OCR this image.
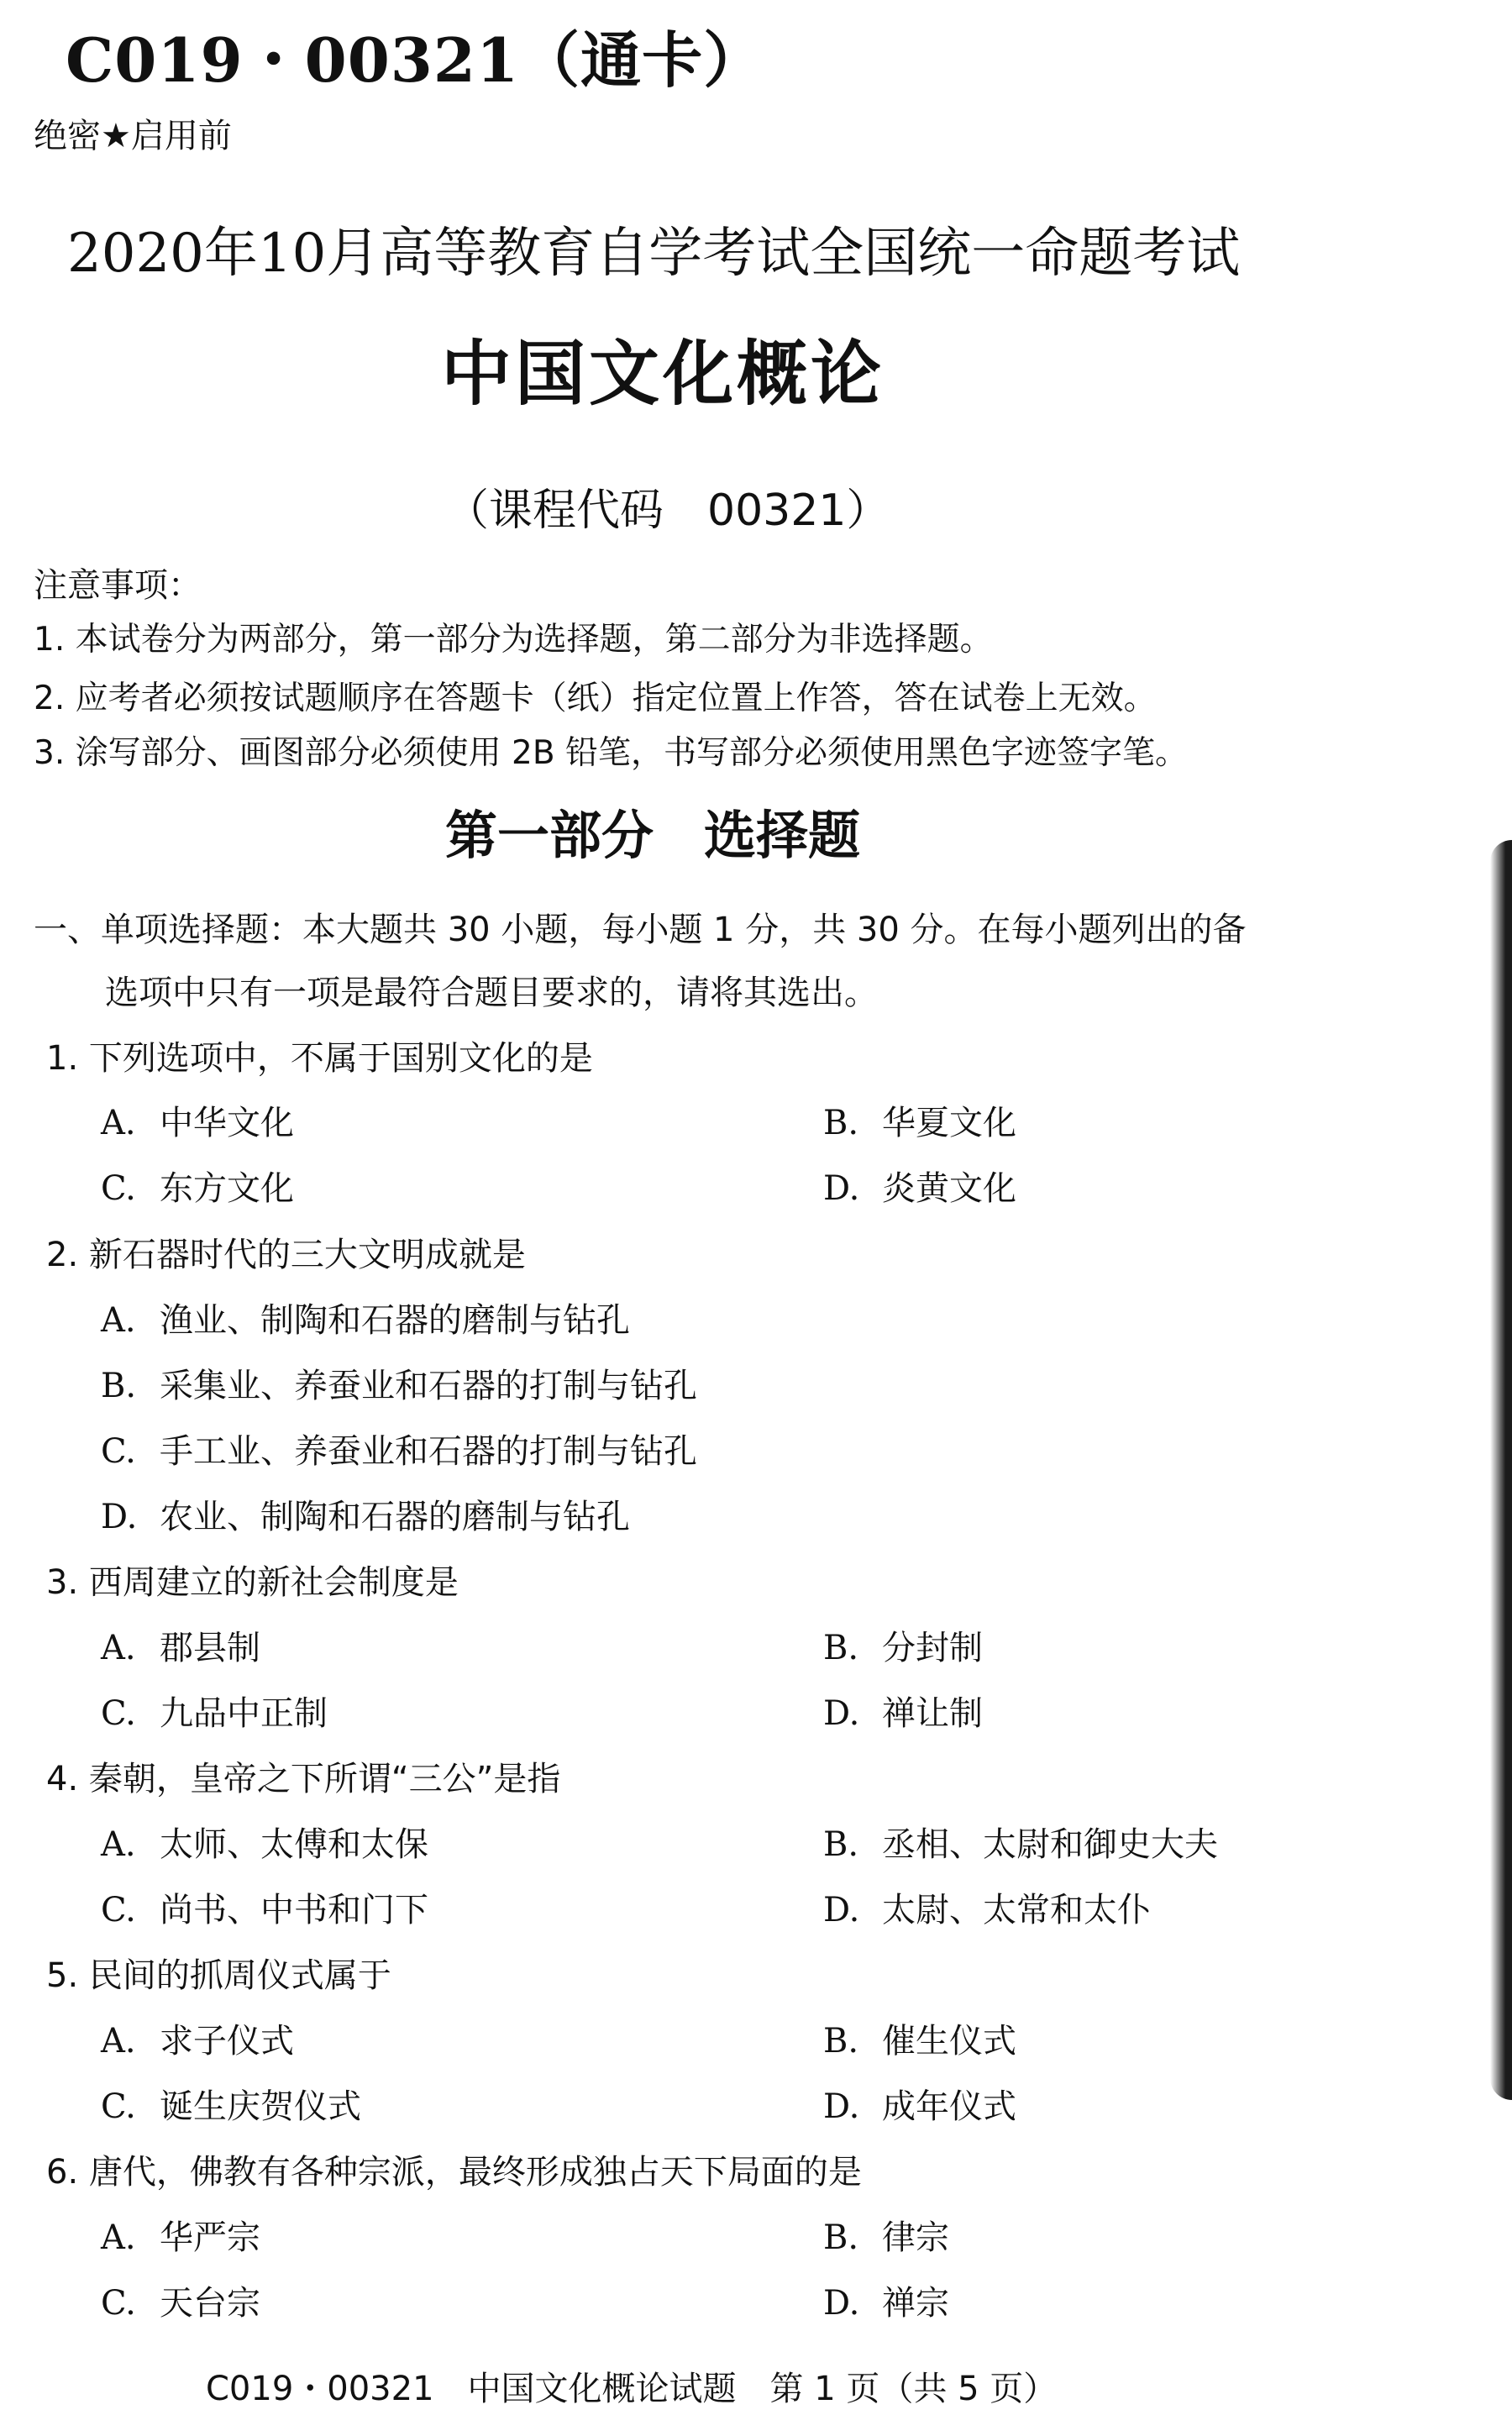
C019・00321（通卡）
绝密★启用前
2020年10月高等教育自学考试全国统一命题考试
中国文化概论
（课程代码　00321）
注意事项：
1. 本试卷分为两部分，第一部分为选择题，第二部分为非选择题。
2. 应考者必须按试题顺序在答题卡（纸）指定位置上作答，答在试卷上无效。
3. 涂写部分、画图部分必须使用 2B 铅笔，书写部分必须使用黑色字迹签字笔。
第一部分 选择题
一、单项选择题：本大题共 30 小题，每小题 1 分，共 30 分。在每小题列出的备
选项中只有一项是最符合题目要求的，请将其选出。
1. 下列选项中，不属于国别文化的是
A. 中华文化	B. 华夏文化
C. 东方文化	D. 炎黄文化
2. 新石器时代的三大文明成就是
A. 渔业、制陶和石器的磨制与钻孔
B. 采集业、养蚕业和石器的打制与钻孔
C. 手工业、养蚕业和石器的打制与钻孔
D. 农业、制陶和石器的磨制与钻孔
3. 西周建立的新社会制度是
A. 郡县制	B. 分封制
C. 九品中正制	D. 禅让制
4. 秦朝，皇帝之下所谓“三公”是指
A. 太师、太傅和太保	B. 丞相、太尉和御史大夫
C. 尚书、中书和门下	D. 太尉、太常和太仆
5. 民间的抓周仪式属于
A. 求子仪式	B. 催生仪式
C. 诞生庆贺仪式	D. 成年仪式
6. 唐代，佛教有各种宗派，最终形成独占天下局面的是
A. 华严宗	B. 律宗
C. 天台宗	D. 禅宗
C019・00321　中国文化概论试题　第 1 页（共 5 页）
